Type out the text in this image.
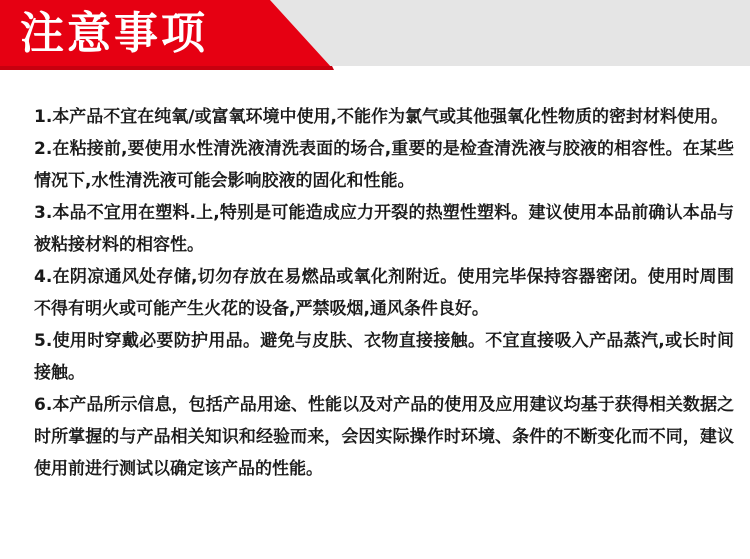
注意事项

1.本产品不宜在纯氧/或富氧环境中使用,不能作为氯气或其他强氧化性物质的密封材料使用。

2.在粘接前,要使用水性清洗液清洗表面的场合,重要的是检查清洗液与胶液的相容性。在某些情况下,水性清洗液可能会影响胶液的固化和性能。

3.本品不宜用在塑料.上,特别是可能造成应力开裂的热塑性塑料。建议使用本品前确认本品与被粘接材料的相容性。

4.在阴凉通风处存储,切勿存放在易燃品或氧化剂附近。使用完毕保持容器密闭。使用时周围不得有明火或可能产生火花的设备,严禁吸烟,通风条件良好。

5.使用时穿戴必要防护用品。避免与皮肤、衣物直接接触。不宜直接吸入产品蒸汽,或长时间接触。

6.本产品所示信息，包括产品用途、性能以及对产品的使用及应用建议均基于获得相关数据之时所掌握的与产品相关知识和经验而来，会因实际操作时环境、条件的不断变化而不同，建议使用前进行测试以确定该产品的性能。
